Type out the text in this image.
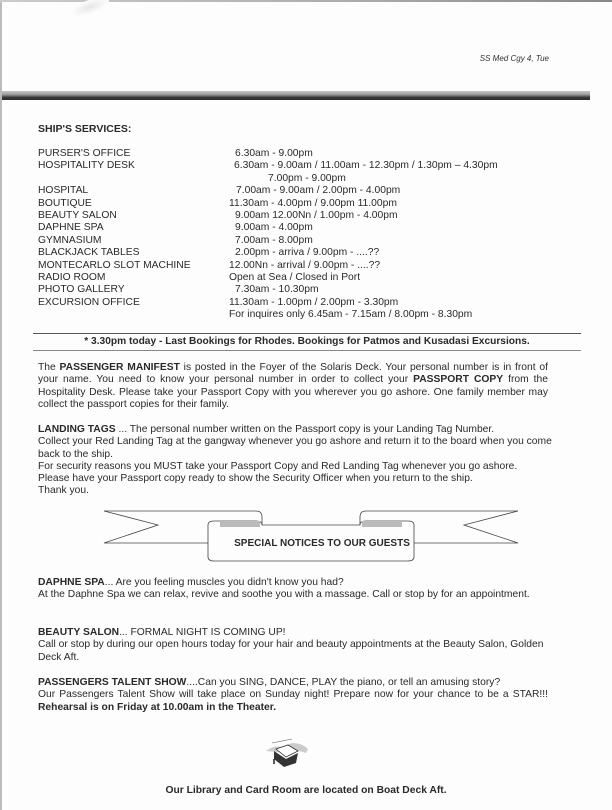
SS Med Cgy 4, Tue
SHIP'S SERVICES:
PURSER'S OFFICE	6.30am - 9.00pm
HOSPITALITY DESK	6.30am - 9.00am / 11.00am - 12.30pm / 1.30pm – 4.30pm
7.00pm - 9.00pm
HOSPITAL	7.00am - 9.00am / 2.00pm - 4.00pm
BOUTIQUE	11.30am - 4.00pm / 9.00pm 11.00pm
BEAUTY SALON	9.00am 12.00Nn / 1.00pm - 4.00pm
DAPHNE SPA	9.00am - 4.00pm
GYMNASIUM	7.00am - 8.00pm
BLACKJACK TABLES	2.00pm - arriva / 9.00pm - ....??
MONTECARLO SLOT MACHINE	12.00Nn - arrival / 9.00pm - ....??
RADIO ROOM	Open at Sea / Closed in Port
PHOTO GALLERY	7.30am - 10.30pm
EXCURSION OFFICE	11.30am - 1.00pm / 2.00pm - 3.30pm
For inquires only 6.45am - 7.15am / 8.00pm - 8.30pm
* 3.30pm today - Last Bookings for Rhodes. Bookings for Patmos and Kusadasi Excursions.
The PASSENGER MANIFEST is posted in the Foyer of the Solaris Deck. Your personal number is in front of your name. You need to know your personal number in order to collect your PASSPORT COPY from the Hospitality Desk. Please take your Passport Copy with you wherever you go ashore. One family member may collect the passport copies for their family.
LANDING TAGS ... The personal number written on the Passport copy is your Landing Tag Number.
Collect your Red Landing Tag at the gangway whenever you go ashore and return it to the board when you come back to the ship.
For security reasons you MUST take your Passport Copy and Red Landing Tag whenever you go ashore.
Please have your Passport copy ready to show the Security Officer when you return to the ship.
Thank you.
SPECIAL NOTICES TO OUR GUESTS
DAPHNE SPA... Are you feeling muscles you didn't know you had?
At the Daphne Spa we can relax, revive and soothe you with a massage. Call or stop by for an appointment.
BEAUTY SALON... FORMAL NIGHT IS COMING UP!
Call or stop by during our open hours today for your hair and beauty appointments at the Beauty Salon, Golden Deck Aft.
PASSENGERS TALENT SHOW....Can you SING, DANCE, PLAY the piano, or tell an amusing story?
Our Passengers Talent Show will take place on Sunday night! Prepare now for your chance to be a STAR!!! Rehearsal is on Friday at 10.00am in the Theater.
Our Library and Card Room are located on Boat Deck Aft.
